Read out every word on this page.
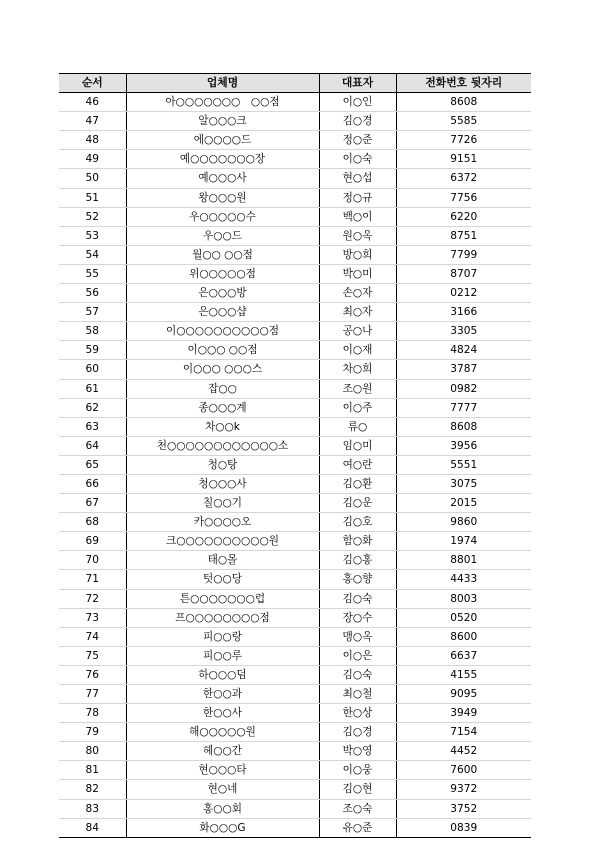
순서	업체명	대표자	전화번호 뒷자리
46	아○○○○○○○　○○점	이○인	8608
47	알○○○크	김○경	5585
48	에○○○○드	정○준	7726
49	예○○○○○○○장	이○숙	9151
50	예○○○사	현○섭	6372
51	왕○○○원	정○규	7756
52	우○○○○○수	백○이	6220
53	우○○드	원○옥	8751
54	월○○ ○○점	방○희	7799
55	위○○○○○점	박○미	8707
56	은○○○방	손○자	0212
57	은○○○샵	최○자	3166
58	이○○○○○○○○○○점	공○나	3305
59	이○○○ ○○점	이○재	4824
60	이○○○ ○○○스	차○희	3787
61	잡○○	조○원	0982
62	종○○○계	이○주	7777
63	차○○k	류○	8608
64	천○○○○○○○○○○○○소	임○미	3956
65	청○탕	여○란	5551
66	청○○○사	김○환	3075
67	칠○○기	김○운	2015
68	카○○○○오	김○호	9860
69	크○○○○○○○○○○원	함○화	1974
70	태○몰	김○홍	8801
71	텃○○당	홍○향	4433
72	튼○○○○○○○럽	김○숙	8003
73	프○○○○○○○○점	장○수	0520
74	피○○랑	맹○옥	8600
75	피○○루	이○은	6637
76	하○○○덤	김○숙	4155
77	한○○과	최○철	9095
78	한○○사	한○상	3949
79	해○○○○○원	김○경	7154
80	헤○○간	박○영	4452
81	현○○○타	이○웅	7600
82	현○네	김○현	9372
83	홍○○회	조○숙	3752
84	화○○○G	유○준	0839
